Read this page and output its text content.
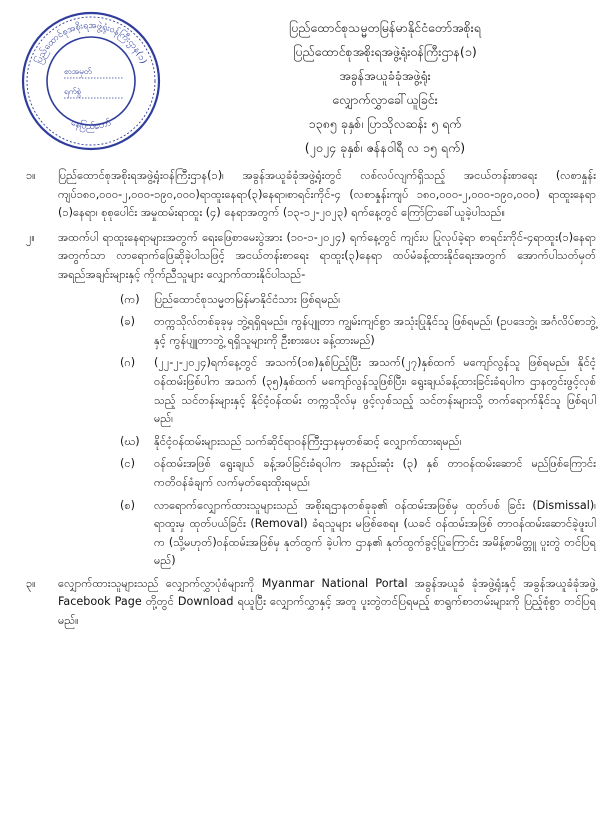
ပြည်ထောင်စုအစိုးရအဖွဲ့ရုံးဝန်ကြီးဌာန(၁)
နေပြည်တော်
စာအမှတ်
ရက်စွဲ
ပြည်ထောင်စုသမ္မတမြန်မာနိုင်ငံတော်အစိုးရ
ပြည်ထောင်စုအစိုးရအဖွဲ့ရုံးဝန်ကြီးဌာန(၁)
အခွန်အယူခံခုံအဖွဲ့ရုံး
လျှောက်လွှာခေါ်ယူခြင်း
၁၃၈၅ ခုနှစ်၊ ပြာသိုလဆန်း ၅ ရက်
(၂၀၂၄ ခုနှစ်၊ ဇန်နဝါရီ လ ၁၅ ရက်)
၁။	ပြည်ထောင်စုအစိုးရအဖွဲ့ရုံးဝန်ကြီးဌာန(၁)၊ အခွန်အယူခံခုံအဖွဲ့ရုံးတွင် လစ်လပ်လျက်ရှိသည့် အငယ်တန်းစာရေး (လစာနှုန်းကျပ်၁၈၀,၀၀၀-၂,၀၀၀-၁၉၀,၀၀၀)ရာထူးနေရာ(၃)နေရာ၊စာရင်းကိုင်-၄ (လစာနှုန်းကျပ် ၁၈၀,၀၀၀-၂,၀၀၀-၁၉၀,၀၀၀) ရာထူးနေရာ (၁)နေရာ၊ စုစုပေါင်း အမှုထမ်းရာထူး (၄) နေရာအတွက် (၁၃-၁၂-၂၀၂၃) ရက်နေ့တွင် ကြော်ငြာခေါ်ယူခဲ့ပါသည်။
၂။	အထက်ပါ ရာထူးနေရာများအတွက် ရေးဖြေစာမေးပွဲအား (၁၀-၁-၂၀၂၄) ရက်နေ့တွင် ကျင်းပ ပြုလုပ်ခဲ့ရာ စာရင်းကိုင်-၄ရာထူး(၁)နေရာအတွက်သာ လာရောက်ဖြေဆိုခဲ့ပါသဖြင့် အငယ်တန်းစာရေး ရာထူး(၃)နေရာ ထပ်မံခန့်ထားနိုင်ရေးအတွက် အောက်ပါသတ်မှတ်အရည်အချင်းများနှင့် ကိုက်ညီသူများ လျှောက်ထားနိုင်ပါသည်-
(က)	ပြည်ထောင်စုသမ္မတမြန်မာနိုင်ငံသား ဖြစ်ရမည်၊
(ခ)	တက္ကသိုလ်တစ်ခုခုမှ ဘွဲ့ရရှိရမည်။ ကွန်ပျူတာ ကျွမ်းကျင်စွာ အသုံးပြုနိုင်သူ ဖြစ်ရမည်၊ (ဥပဒေဘွဲ့၊ အင်္ဂလိပ်စာဘွဲ့နှင့် ကွန်ပျူတာဘွဲ့ ရရှိသူများကို ဦးစားပေး ခန့်ထားမည်)
(ဂ)	(၂၂-၂-၂၀၂၄)ရက်နေ့တွင် အသက်(၁၈)နှစ်ပြည့်ပြီး အသက်(၂၇)နှစ်ထက် မကျော်လွန်သူ ဖြစ်ရမည်။ နိုင်ငံ့ဝန်ထမ်းဖြစ်ပါက အသက် (၃၅)နှစ်ထက် မကျော်လွန်သူဖြစ်ပြီး၊ ရွေးချယ်ခန့်ထားခြင်းခံရပါက ဌာနတွင်းဖွင့်လှစ်သည့် သင်တန်းများနှင့် နိုင်ငံ့ဝန်ထမ်း တက္ကသိုလ်မှ ဖွင့်လှစ်သည့် သင်တန်းများသို့ တက်ရောက်နိုင်သူ ဖြစ်ရပါမည်၊
(ဃ)	နိုင်ငံ့ဝန်ထမ်းများသည် သက်ဆိုင်ရာဝန်ကြီးဌာနမှတစ်ဆင့် လျှောက်ထားရမည်၊
(င)	ဝန်ထမ်းအဖြစ် ရွေးချယ် ခန့်အပ်ခြင်းခံရပါက အနည်းဆုံး (၃) နှစ် တာဝန်ထမ်းဆောင် မည်ဖြစ်ကြောင်း ကတိဝန်ခံချက် လက်မှတ်ရေးထိုးရမည်၊
(စ)	လာရောက်လျှောက်ထားသူများသည် အစိုးရဌာနတစ်ခုခု၏ ဝန်ထမ်းအဖြစ်မှ ထုတ်ပစ် ခြင်း (Dismissal)၊ ရာထူးမှ ထုတ်ပယ်ခြင်း (Removal) ခံရသူများ မဖြစ်စေရ။ (ယခင် ဝန်ထမ်းအဖြစ် တာဝန်ထမ်းဆောင်ခဲ့ဖူးပါက (သို့မဟုတ်)ဝန်ထမ်းအဖြစ်မှ နုတ်ထွက် ခဲ့ပါက ဌာန၏ နုတ်ထွက်ခွင့်ပြုကြောင်း အမိန့်စာမိတ္တူ ပူးတွဲ တင်ပြရမည်)
၃။	လျှောက်ထားသူများသည် လျှောက်လွှာပုံစံများကို Myanmar National Portal အခွန်အယူခံ ခုံအဖွဲ့ရုံးနှင့် အခွန်အယူခံခုံအဖွဲ့ Facebook Page တို့တွင် Download ရယူပြီး လျှောက်လွှာနှင့် အတူ ပူးတွဲတင်ပြရမည့် စာရွက်စာတမ်းများကို ပြည့်စုံစွာ တင်ပြရမည်။
